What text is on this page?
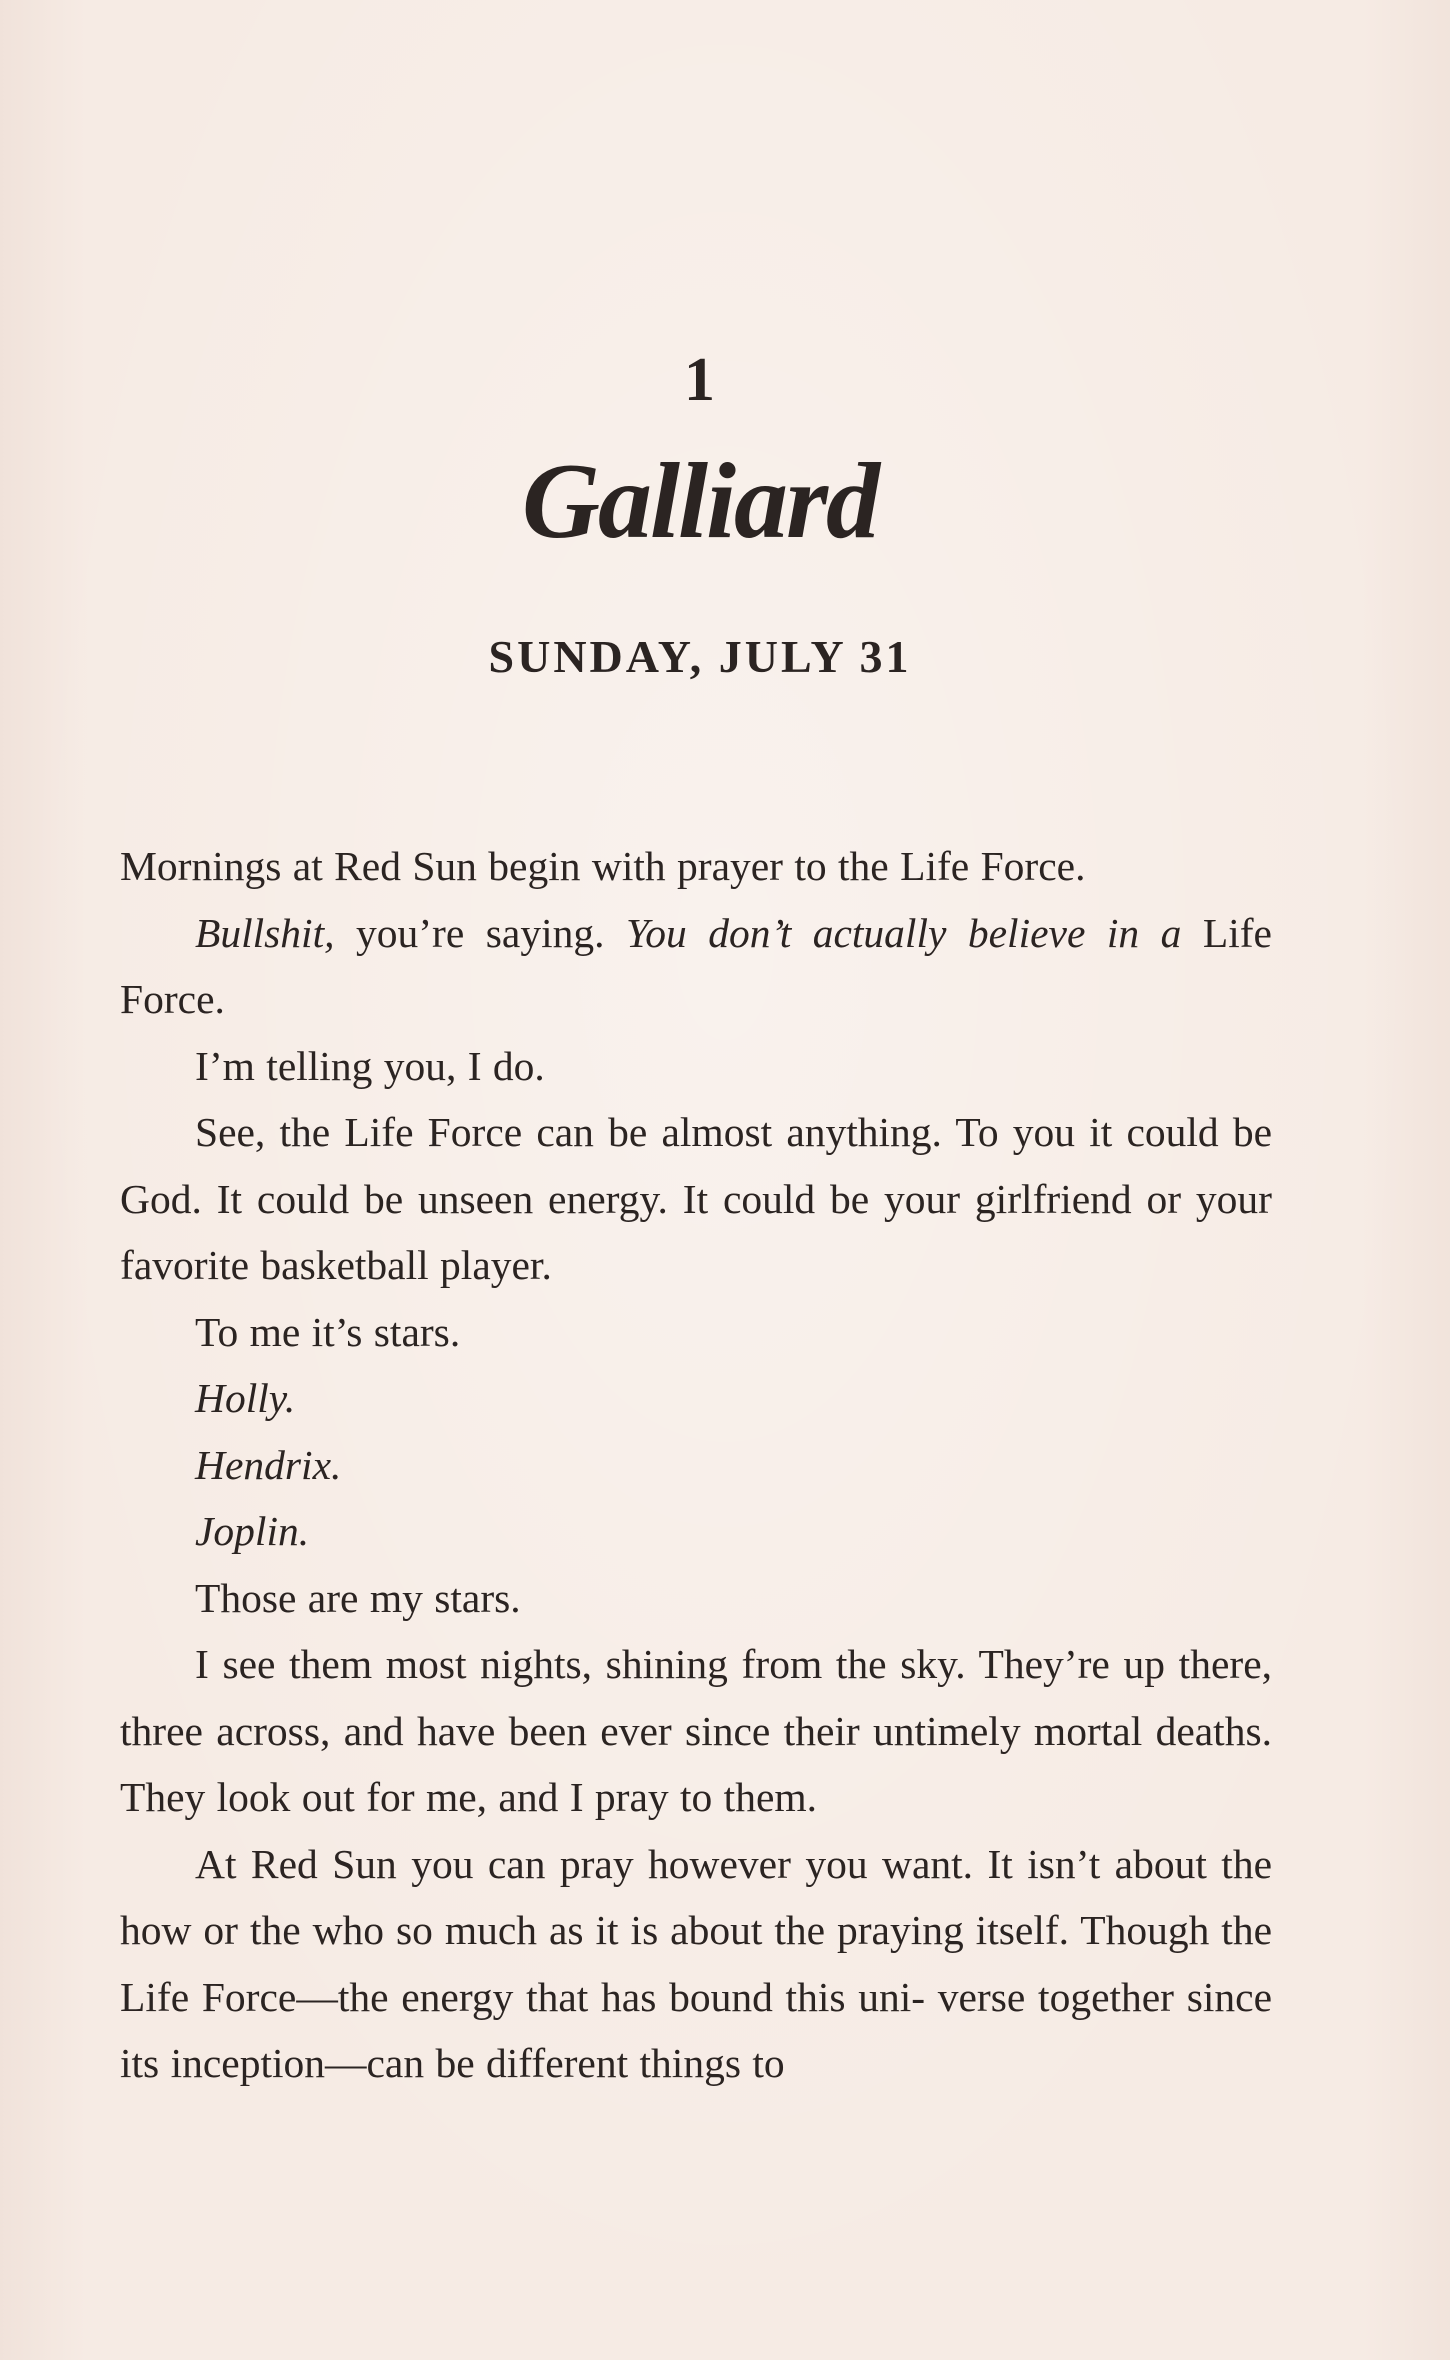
1
Galliard
SUNDAY, JULY 31

Mornings at Red Sun begin with prayer to the Life Force.

Bullshit, you’re saying. You don’t actually believe in a Life Force.

I’m telling you, I do.

See, the Life Force can be almost anything. To you it could be God. It could be unseen energy. It could be your girlfriend or your favorite basketball player.

To me it’s stars.

Holly.

Hendrix.

Joplin.

Those are my stars.

I see them most nights, shining from the sky. They’re up there, three across, and have been ever since their untimely mortal deaths. They look out for me, and I pray to them.

At Red Sun you can pray however you want. It isn’t about the how or the who so much as it is about the praying itself. Though the Life Force—the energy that has bound this uni- verse together since its inception—can be different things to
